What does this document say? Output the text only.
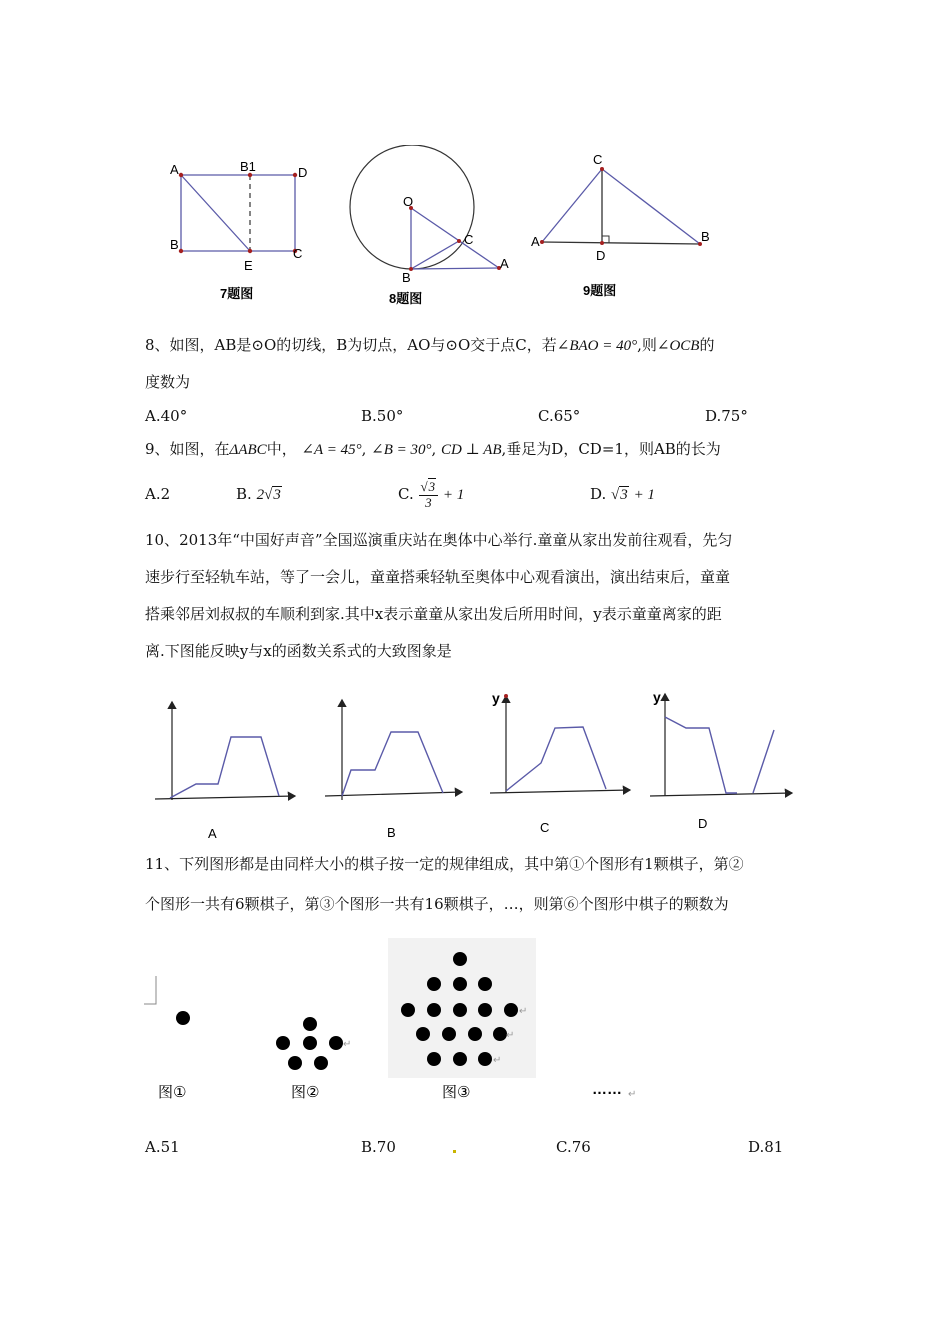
A	B1	D
B
E
C
7题图
O
C
B
A
8题图
C
A
D
B
9题图
8、如图，AB是⊙O的切线，B为切点，AO与⊙O交于点C，若∠BAO = 40°,则∠OCB的
度数为
A.40°	B.50°	C.65°	D.75°
9、如图，在ΔABC中， ∠A = 45°, ∠B = 30°, CD ⊥ AB,垂足为D，CD=1，则AB的长为
A.2	B. 2√3	C. $\frac{√3}{3} + 1$	D. √3 + 1
10、2013年“中国好声音”全国巡演重庆站在奥体中心举行.童童从家出发前往观看，先匀
速步行至轻轨车站，等了一会儿，童童搭乘轻轨至奥体中心观看演出，演出结束后，童童
搭乘邻居刘叔叔的车顺利到家.其中x表示童童从家出发后所用时间，y表示童童离家的距
离.下图能反映y与x的函数关系式的大致图象是
A	B
y
C
y
D
11、下列图形都是由同样大小的棋子按一定的规律组成，其中第①个图形有1颗棋子，第②
个图形一共有6颗棋子，第③个图形一共有16颗棋子，…，则第⑥个图形中棋子的颗数为
↵
↵
↵
↵
图①	图②	图③	…… ↵
A.51	B.70	C.76	D.81
